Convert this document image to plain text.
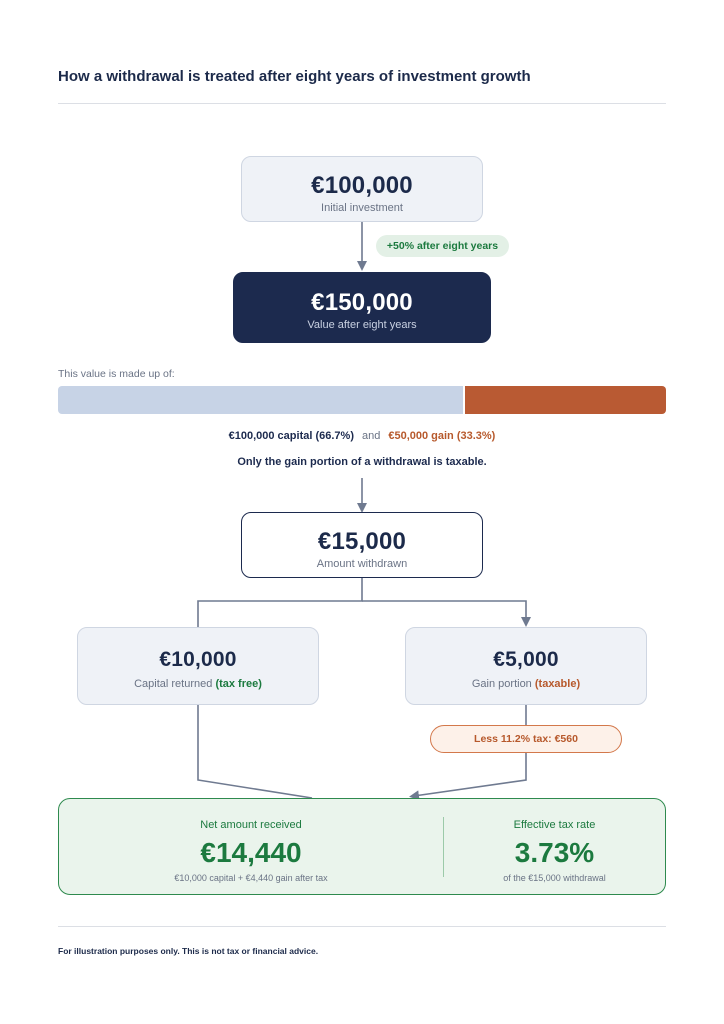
How a withdrawal is treated after eight years of investment growth
€100,000
Initial investment
+50% after eight years
€150,000
Value after eight years
This value is made up of:
€100,000 capital (66.7%) and €50,000 gain (33.3%)
Only the gain portion of a withdrawal is taxable.
€15,000
Amount withdrawn
€10,000
Capital returned (tax free)
€5,000
Gain portion (taxable)
Less 11.2% tax: €560
Net amount received
€14,440
€10,000 capital + €4,440 gain after tax
Effective tax rate
3.73%
of the €15,000 withdrawal
For illustration purposes only. This is not tax or financial advice.
